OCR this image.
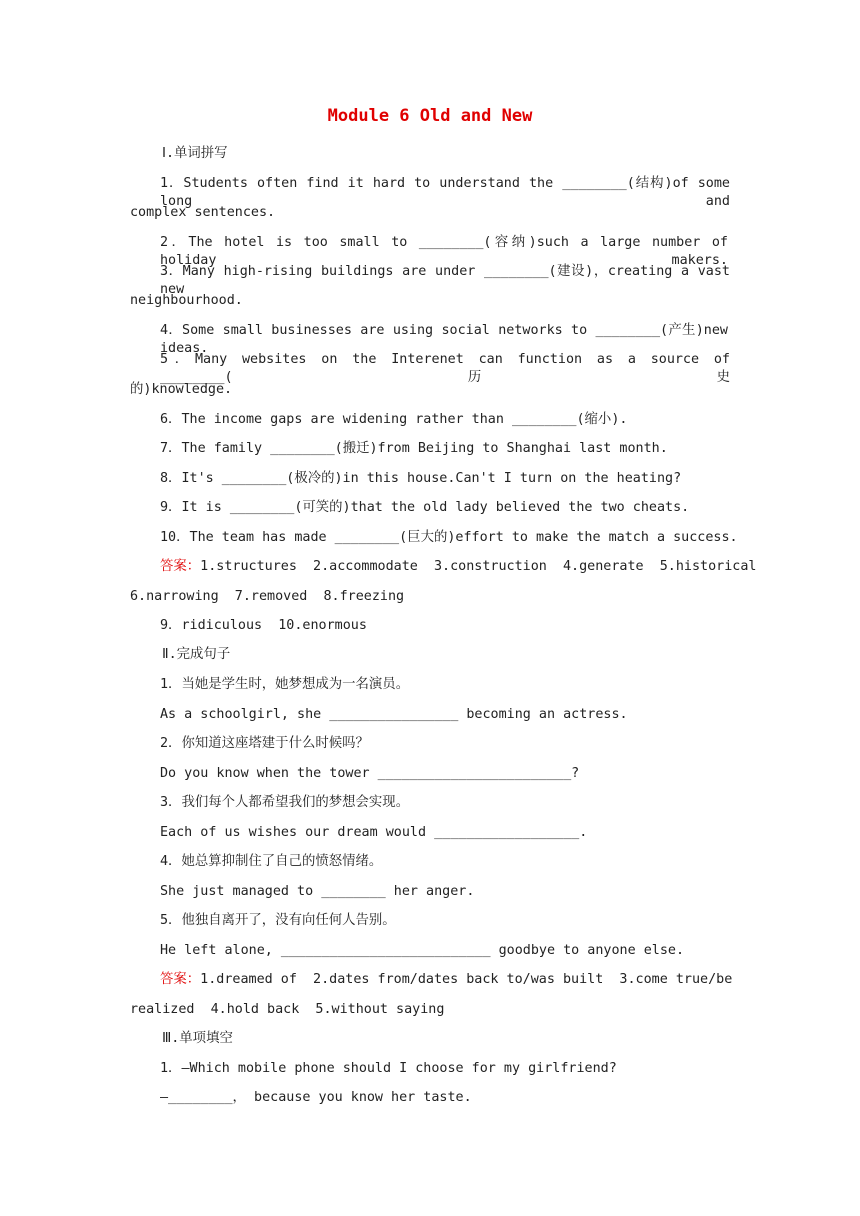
Module 6 Old and New
Ⅰ.单词拼写
1．Students often find it hard to understand the ________(结构)of some long and
complex sentences.
2．The hotel is too small to ________(容纳)such a large number of holiday makers.
3．Many high-rising buildings are under ________(建设)，creating a vast new
neighbourhood.
4．Some small businesses are using social networks to ________(产生)new ideas.
5．Many websites on the Interenet can function as a source of ________(历史
的)knowledge.
6．The income gaps are widening rather than ________(缩小).
7．The family ________(搬迁)from Beijing to Shanghai last month.
8．It's ________(极冷的)in this house.Can't I turn on the heating?
9．It is ________(可笑的)that the old lady believed the two cheats.
10．The team has made ________(巨大的)effort to make the match a success.
答案：1.structures  2.accommodate  3.construction  4.generate  5.historical
6.narrowing  7.removed  8.freezing
9．ridiculous  10.enormous
Ⅱ.完成句子
1．当她是学生时，她梦想成为一名演员。
As a schoolgirl, she ________________ becoming an actress.
2．你知道这座塔建于什么时候吗？
Do you know when the tower ________________________?
3．我们每个人都希望我们的梦想会实现。
Each of us wishes our dream would __________________.
4．她总算抑制住了自己的愤怒情绪。
She just managed to ________ her anger.
5．他独自离开了，没有向任何人告别。
He left alone, __________________________ goodbye to anyone else.
答案：1.dreamed of  2.dates from/dates back to/was built  3.come true/be
realized  4.hold back  5.without saying
Ⅲ.单项填空
1．—Which mobile phone should I choose for my girlfriend?
—________， because you know her taste.
